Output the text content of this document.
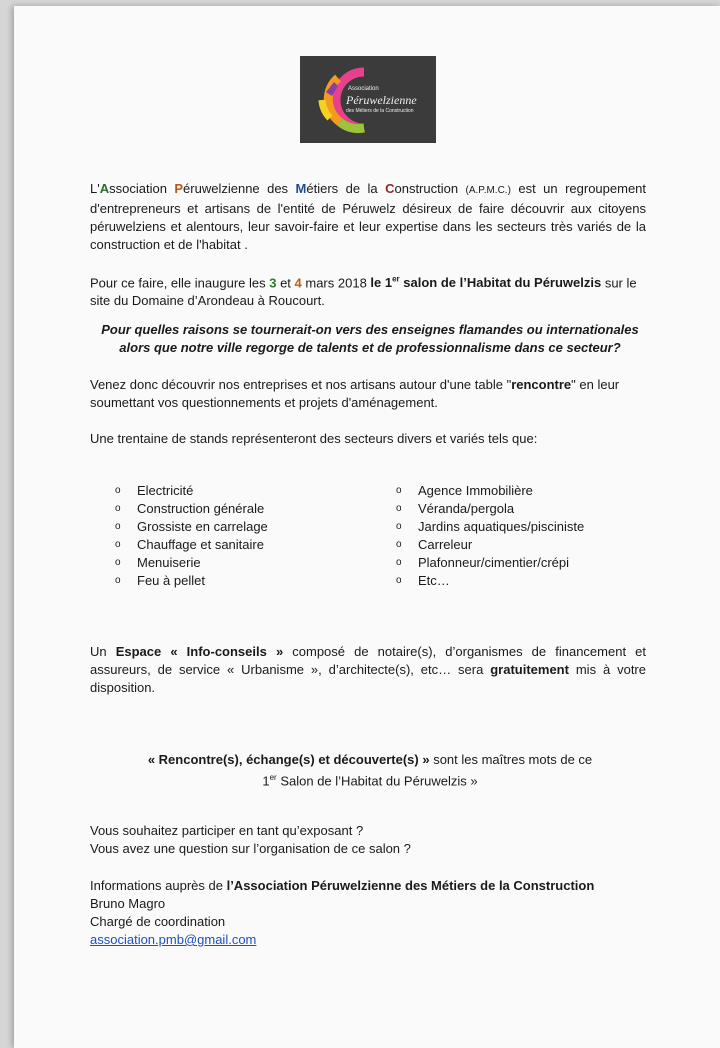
Association
Péruwelzienne
des Métiers de la Construction

L'Association Péruwelzienne des Métiers de la Construction (A.P.M.C.) est un regroupement d'entrepreneurs et artisans de l'entité de Péruwelz désireux de faire découvrir aux citoyens péruwelziens et alentours, leur savoir-faire et leur expertise dans les secteurs très variés de la construction et de l'habitat .

Pour ce faire, elle inaugure les 3 et 4 mars 2018 le 1er salon de l’Habitat du Péruwelzis sur le site du Domaine d’Arondeau à Roucourt.

Pour quelles raisons se tournerait-on vers des enseignes flamandes ou internationales alors que notre ville regorge de talents et de professionnalisme dans ce secteur?

Venez donc découvrir nos entreprises et nos artisans autour d'une table "rencontre" en leur soumettant vos questionnements et projets d'aménagement.

Une trentaine de stands représenteront des secteurs divers et variés tels que:

o Electricité
o Construction générale
o Grossiste en carrelage
o Chauffage et sanitaire
o Menuiserie
o Feu à pellet
o Agence Immobilière
o Véranda/pergola
o Jardins aquatiques/pisciniste
o Carreleur
o Plafonneur/cimentier/crépi
o Etc…

Un Espace « Info-conseils » composé de notaire(s), d’organismes de financement et assureurs, de service « Urbanisme », d’architecte(s), etc… sera gratuitement mis à votre disposition.

« Rencontre(s), échange(s) et découverte(s) » sont les maîtres mots de ce
1er Salon de l’Habitat du Péruwelzis »

Vous souhaitez participer en tant qu’exposant ?
Vous avez une question sur l’organisation de ce salon ?

Informations auprès de l’Association Péruwelzienne des Métiers de la Construction
Bruno Magro
Chargé de coordination
association.pmb@gmail.com
